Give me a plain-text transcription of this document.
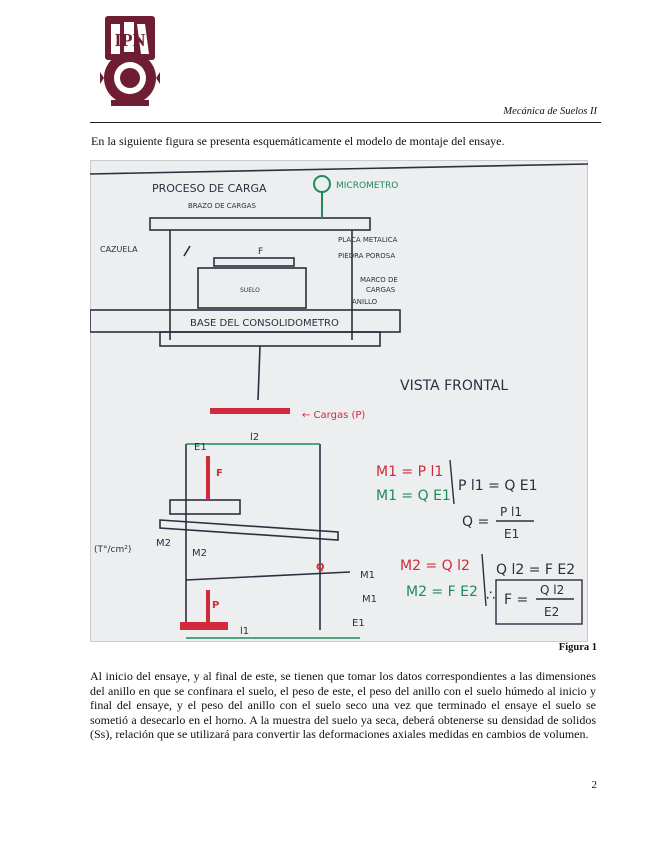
IPN
Mecánica de Suelos II
En la siguiente figura se presenta esquemáticamente el modelo de montaje del ensaye.
MICROMETRO
PROCESO DE CARGA
BRAZO DE CARGAS
PLACA METALICA
PIEDRA POROSA
MARCO DE
CARGAS
ANILLO
CAZUELA
SUELO
BASE DEL CONSOLIDOMETRO
VISTA FRONTAL
F
← Cargas (P)
E1
l2
F
P
Q
l1
E1
M2
M2
M1
M1
(T°/cm²)
M1 = P l1
M1 = Q E1
P l1 = Q E1
Q =
P l1
E1
M2 = Q l2
M2 = F E2
Q l2 = F E2
∴ F =
Q l2
E2
Figura 1
Al inicio del ensaye, y al final de este, se tienen que tomar los datos correspondientes a las dimensiones del anillo en que se confinara el suelo, el peso de este, el peso del anillo con el suelo húmedo al inicio y final del ensaye, y el peso del anillo con el suelo seco una vez que terminado el ensaye el suelo se sometió a desecarlo en el horno. A la muestra del suelo ya seca, deberá obtenerse su densidad de solidos (Ss), relación que se utilizará para convertir las deformaciones axiales medidas en cambios de volumen.
2
